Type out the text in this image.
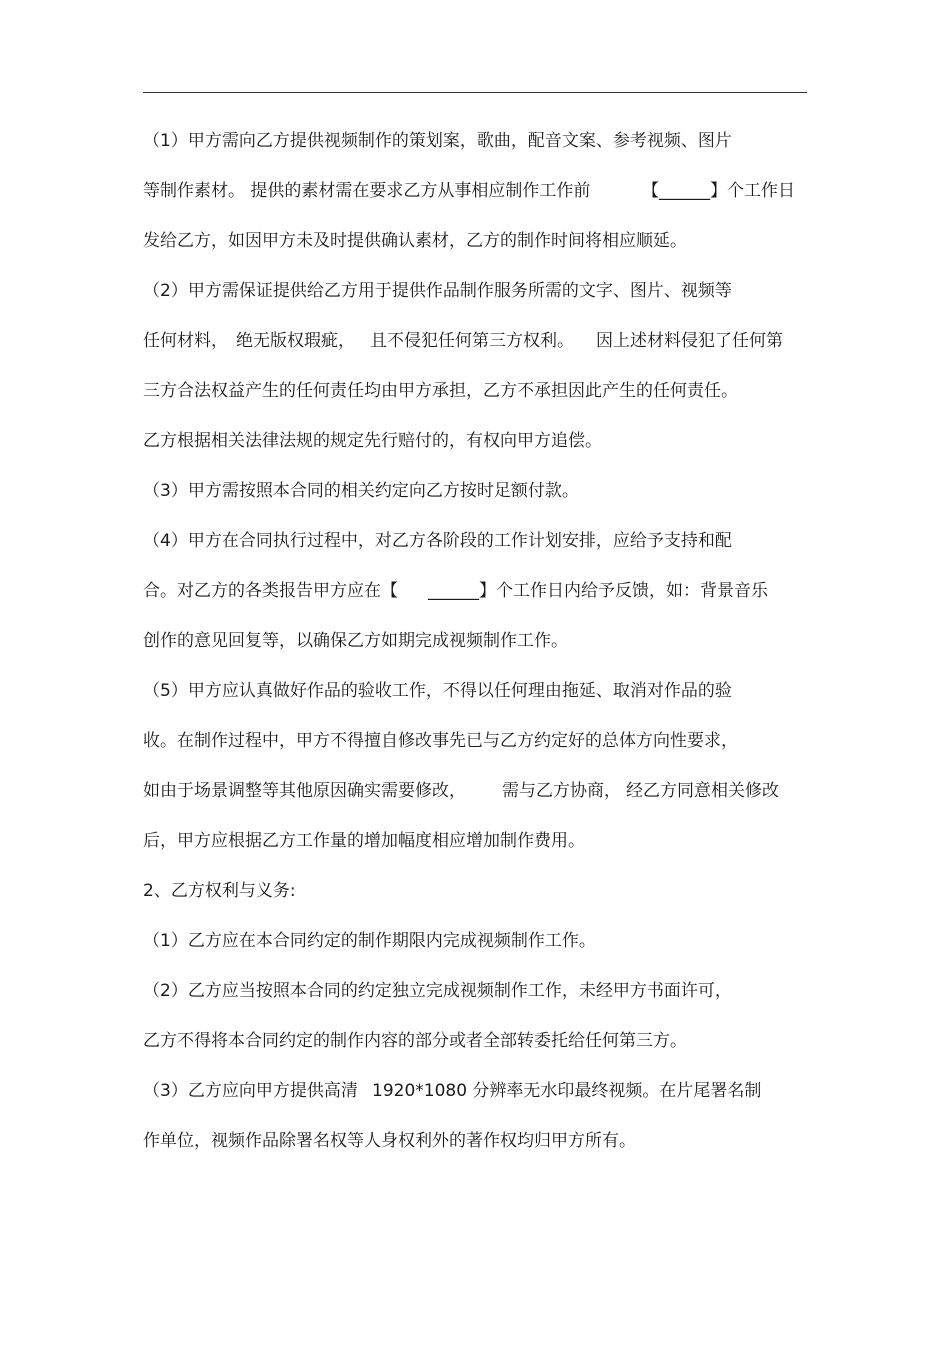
（1）甲方需向乙方提供视频制作的策划案，歌曲，配音文案、参考视频、图片

等制作素材。 提供的素材需在要求乙方从事相应制作工作前

	【______】个工作日

发给乙方，如因甲方未及时提供确认素材，乙方的制作时间将相应顺延。

（2）甲方需保证提供给乙方用于提供作品制作服务所需的文字、图片、视频等

任何材料，

绝无版权瑕疵，

且不侵犯任何第三方权利。

因上述材料侵犯了任何第

三方合法权益产生的任何责任均由甲方承担，乙方不承担因此产生的任何责任。

乙方根据相关法律法规的规定先行赔付的，有权向甲方追偿。

（3）甲方需按照本合同的相关约定向乙方按时足额付款。

（4）甲方在合同执行过程中，对乙方各阶段的工作计划安排，应给予支持和配

合。对乙方的各类报告甲方应在【

______】个工作日内给予反馈，如：背景音乐

创作的意见回复等，以确保乙方如期完成视频制作工作。

（5）甲方应认真做好作品的验收工作，不得以任何理由拖延、取消对作品的验

收。在制作过程中，甲方不得擅自修改事先已与乙方约定好的总体方向性要求，

如由于场景调整等其他原因确实需要修改，

需与乙方协商，

经乙方同意相关修改

后，甲方应根据乙方工作量的增加幅度相应增加制作费用。

2、乙方权利与义务:

（1）乙方应在本合同约定的制作期限内完成视频制作工作。

（2）乙方应当按照本合同的约定独立完成视频制作工作，未经甲方书面许可，

乙方不得将本合同约定的制作内容的部分或者全部转委托给任何第三方。

（3）乙方应向甲方提供高清

1920*1080 分辨率无水印最终视频。在片尾署名制

作单位，视频作品除署名权等人身权利外的著作权均归甲方所有。
